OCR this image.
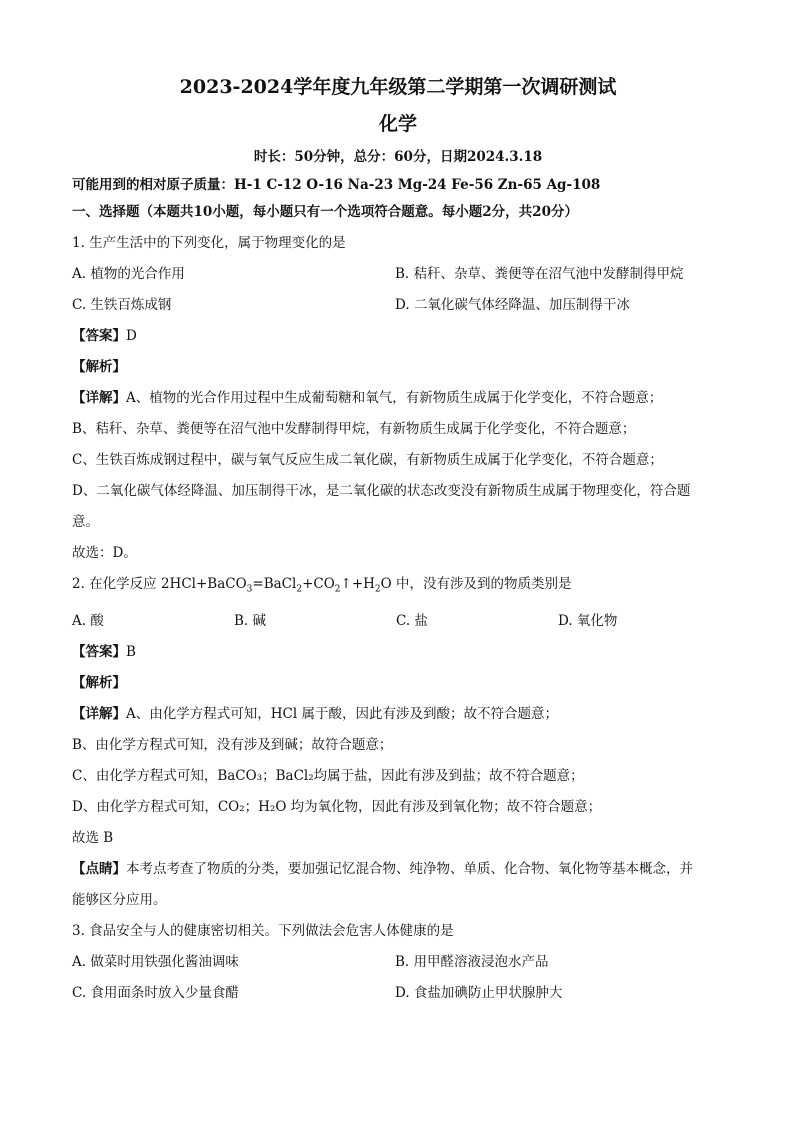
2023-2024学年度九年级第二学期第一次调研测试
化学
时长：50分钟，总分：60分，日期2024.3.18
可能用到的相对原子质量：H-1 C-12 O-16 Na-23 Mg-24 Fe-56 Zn-65 Ag-108
一、选择题（本题共10小题，每小题只有一个选项符合题意。每小题2分，共20分）
1. 生产生活中的下列变化，属于物理变化的是
A. 植物的光合作用	B. 秸秆、杂草、粪便等在沼气池中发酵制得甲烷
C. 生铁百炼成钢	D. 二氧化碳气体经降温、加压制得干冰
【答案】D
【解析】
【详解】A、植物的光合作用过程中生成葡萄糖和氧气，有新物质生成属于化学变化，不符合题意；
B、秸秆、杂草、粪便等在沼气池中发酵制得甲烷，有新物质生成属于化学变化，不符合题意；
C、生铁百炼成钢过程中，碳与氧气反应生成二氧化碳，有新物质生成属于化学变化，不符合题意；
D、二氧化碳气体经降温、加压制得干冰，是二氧化碳的状态改变没有新物质生成属于物理变化，符合题
意。
故选：D。
2. 在化学反应 $2HCl+BaCO_3=BaCl_2+CO_2↑+H_2O$ 中，没有涉及到的物质类别是
A. 酸	B. 碱	C. 盐	D. 氧化物
【答案】B
【解析】
【详解】A、由化学方程式可知，HCl 属于酸，因此有涉及到酸；故不符合题意；
B、由化学方程式可知，没有涉及到碱；故符合题意；
C、由化学方程式可知，BaCO₃；BaCl₂均属于盐，因此有涉及到盐；故不符合题意；
D、由化学方程式可知，CO₂；H₂O 均为氧化物，因此有涉及到氧化物；故不符合题意；
故选 B
【点睛】本考点考查了物质的分类，要加强记忆混合物、纯净物、单质、化合物、氧化物等基本概念，并
能够区分应用。
3. 食品安全与人的健康密切相关。下列做法会危害人体健康的是
A. 做菜时用铁强化酱油调味	B. 用甲醛溶液浸泡水产品
C. 食用面条时放入少量食醋	D. 食盐加碘防止甲状腺肿大
